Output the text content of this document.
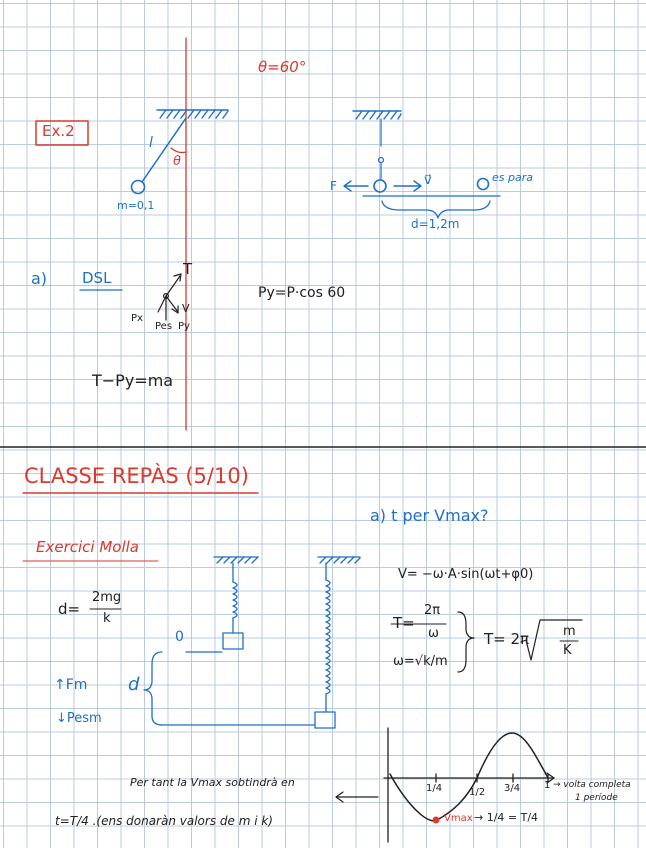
θ=60°
Ex.2
l
θ
m=0,1
F	v⃗	es para
d=1,2m
a) DSL	T
Px
Pes Py
V
Py=P·cos 60
T−Py=ma
CLASSE REPÀS (5/10)
Exercici Molla
a) t per Vmax?
d=
2mg
k
0
↑Fm d
↓Pesm
V= −ω·A·sin(ωt+φ0)
T=
2π
ω
ω=√k/m
T= 2π	m
K
Per tant la Vmax sobtindrà en
t=T/4 .(ens donaràn valors de m i k)
1/4	1/2 3/4 1 → volta completa
1 període
Vmax → 1/4 = T/4
